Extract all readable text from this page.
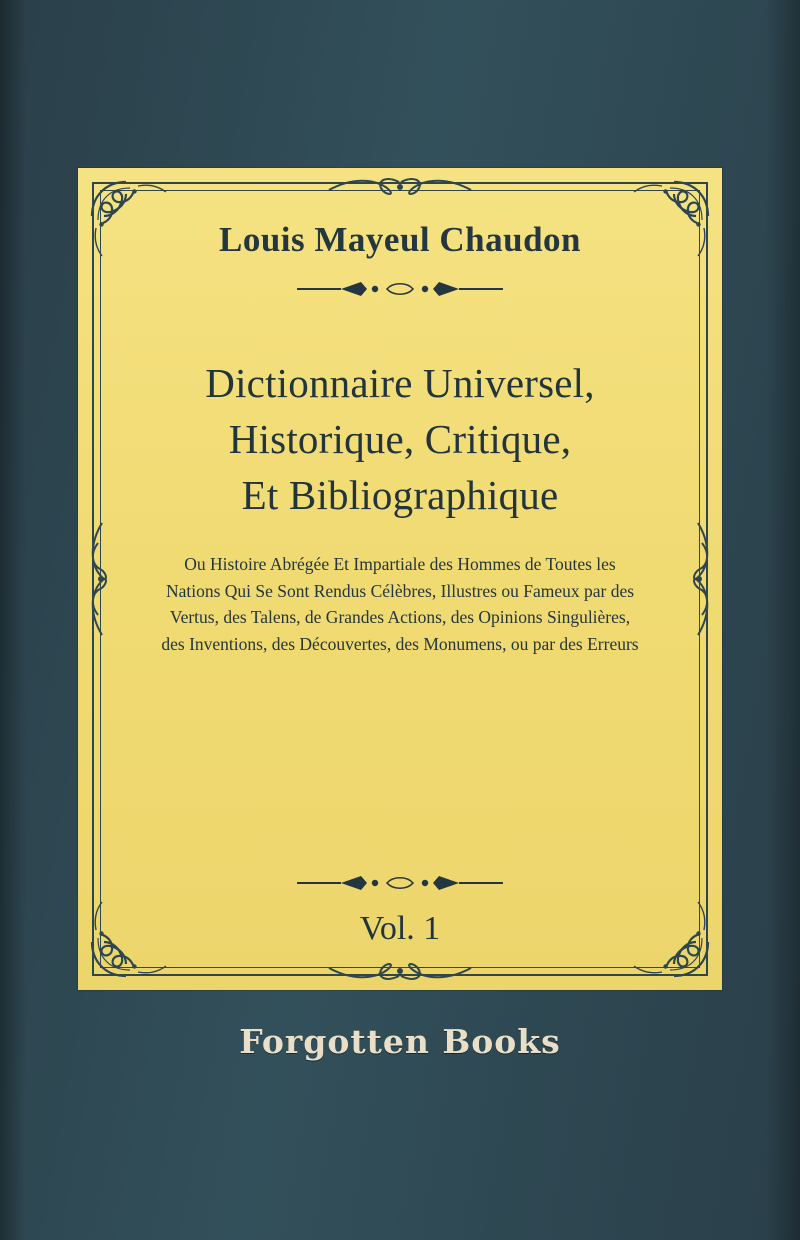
Louis Mayeul Chaudon
Dictionnaire Universel,
Historique, Critique,
Et Bibliographique
Ou Histoire Abrégée Et Impartiale des Hommes de Toutes les
Nations Qui Se Sont Rendus Célèbres, Illustres ou Fameux par des
Vertus, des Talens, de Grandes Actions, des Opinions Singulières,
des Inventions, des Découvertes, des Monumens, ou par des Erreurs
Vol. 1
Forgotten Books
